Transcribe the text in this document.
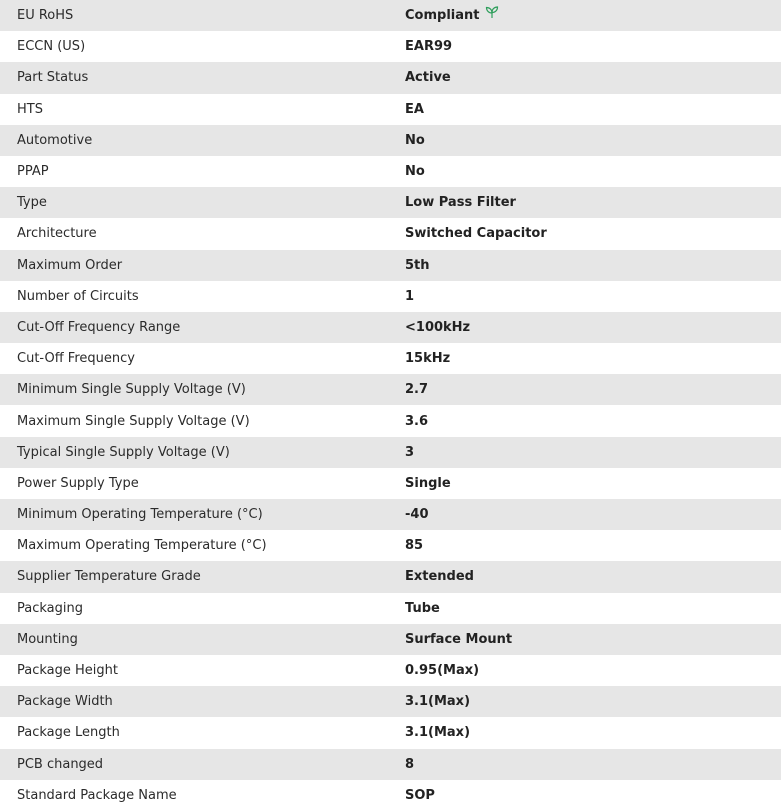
EU RoHS	Compliant
ECCN (US)	EAR99
Part Status	Active
HTS	EA
Automotive	No
PPAP	No
Type	Low Pass Filter
Architecture	Switched Capacitor
Maximum Order	5th
Number of Circuits	1
Cut-Off Frequency Range	<100kHz
Cut-Off Frequency	15kHz
Minimum Single Supply Voltage (V)	2.7
Maximum Single Supply Voltage (V)	3.6
Typical Single Supply Voltage (V)	3
Power Supply Type	Single
Minimum Operating Temperature (°C)	-40
Maximum Operating Temperature (°C)	85
Supplier Temperature Grade	Extended
Packaging	Tube
Mounting	Surface Mount
Package Height	0.95(Max)
Package Width	3.1(Max)
Package Length	3.1(Max)
PCB changed	8
Standard Package Name	SOP
